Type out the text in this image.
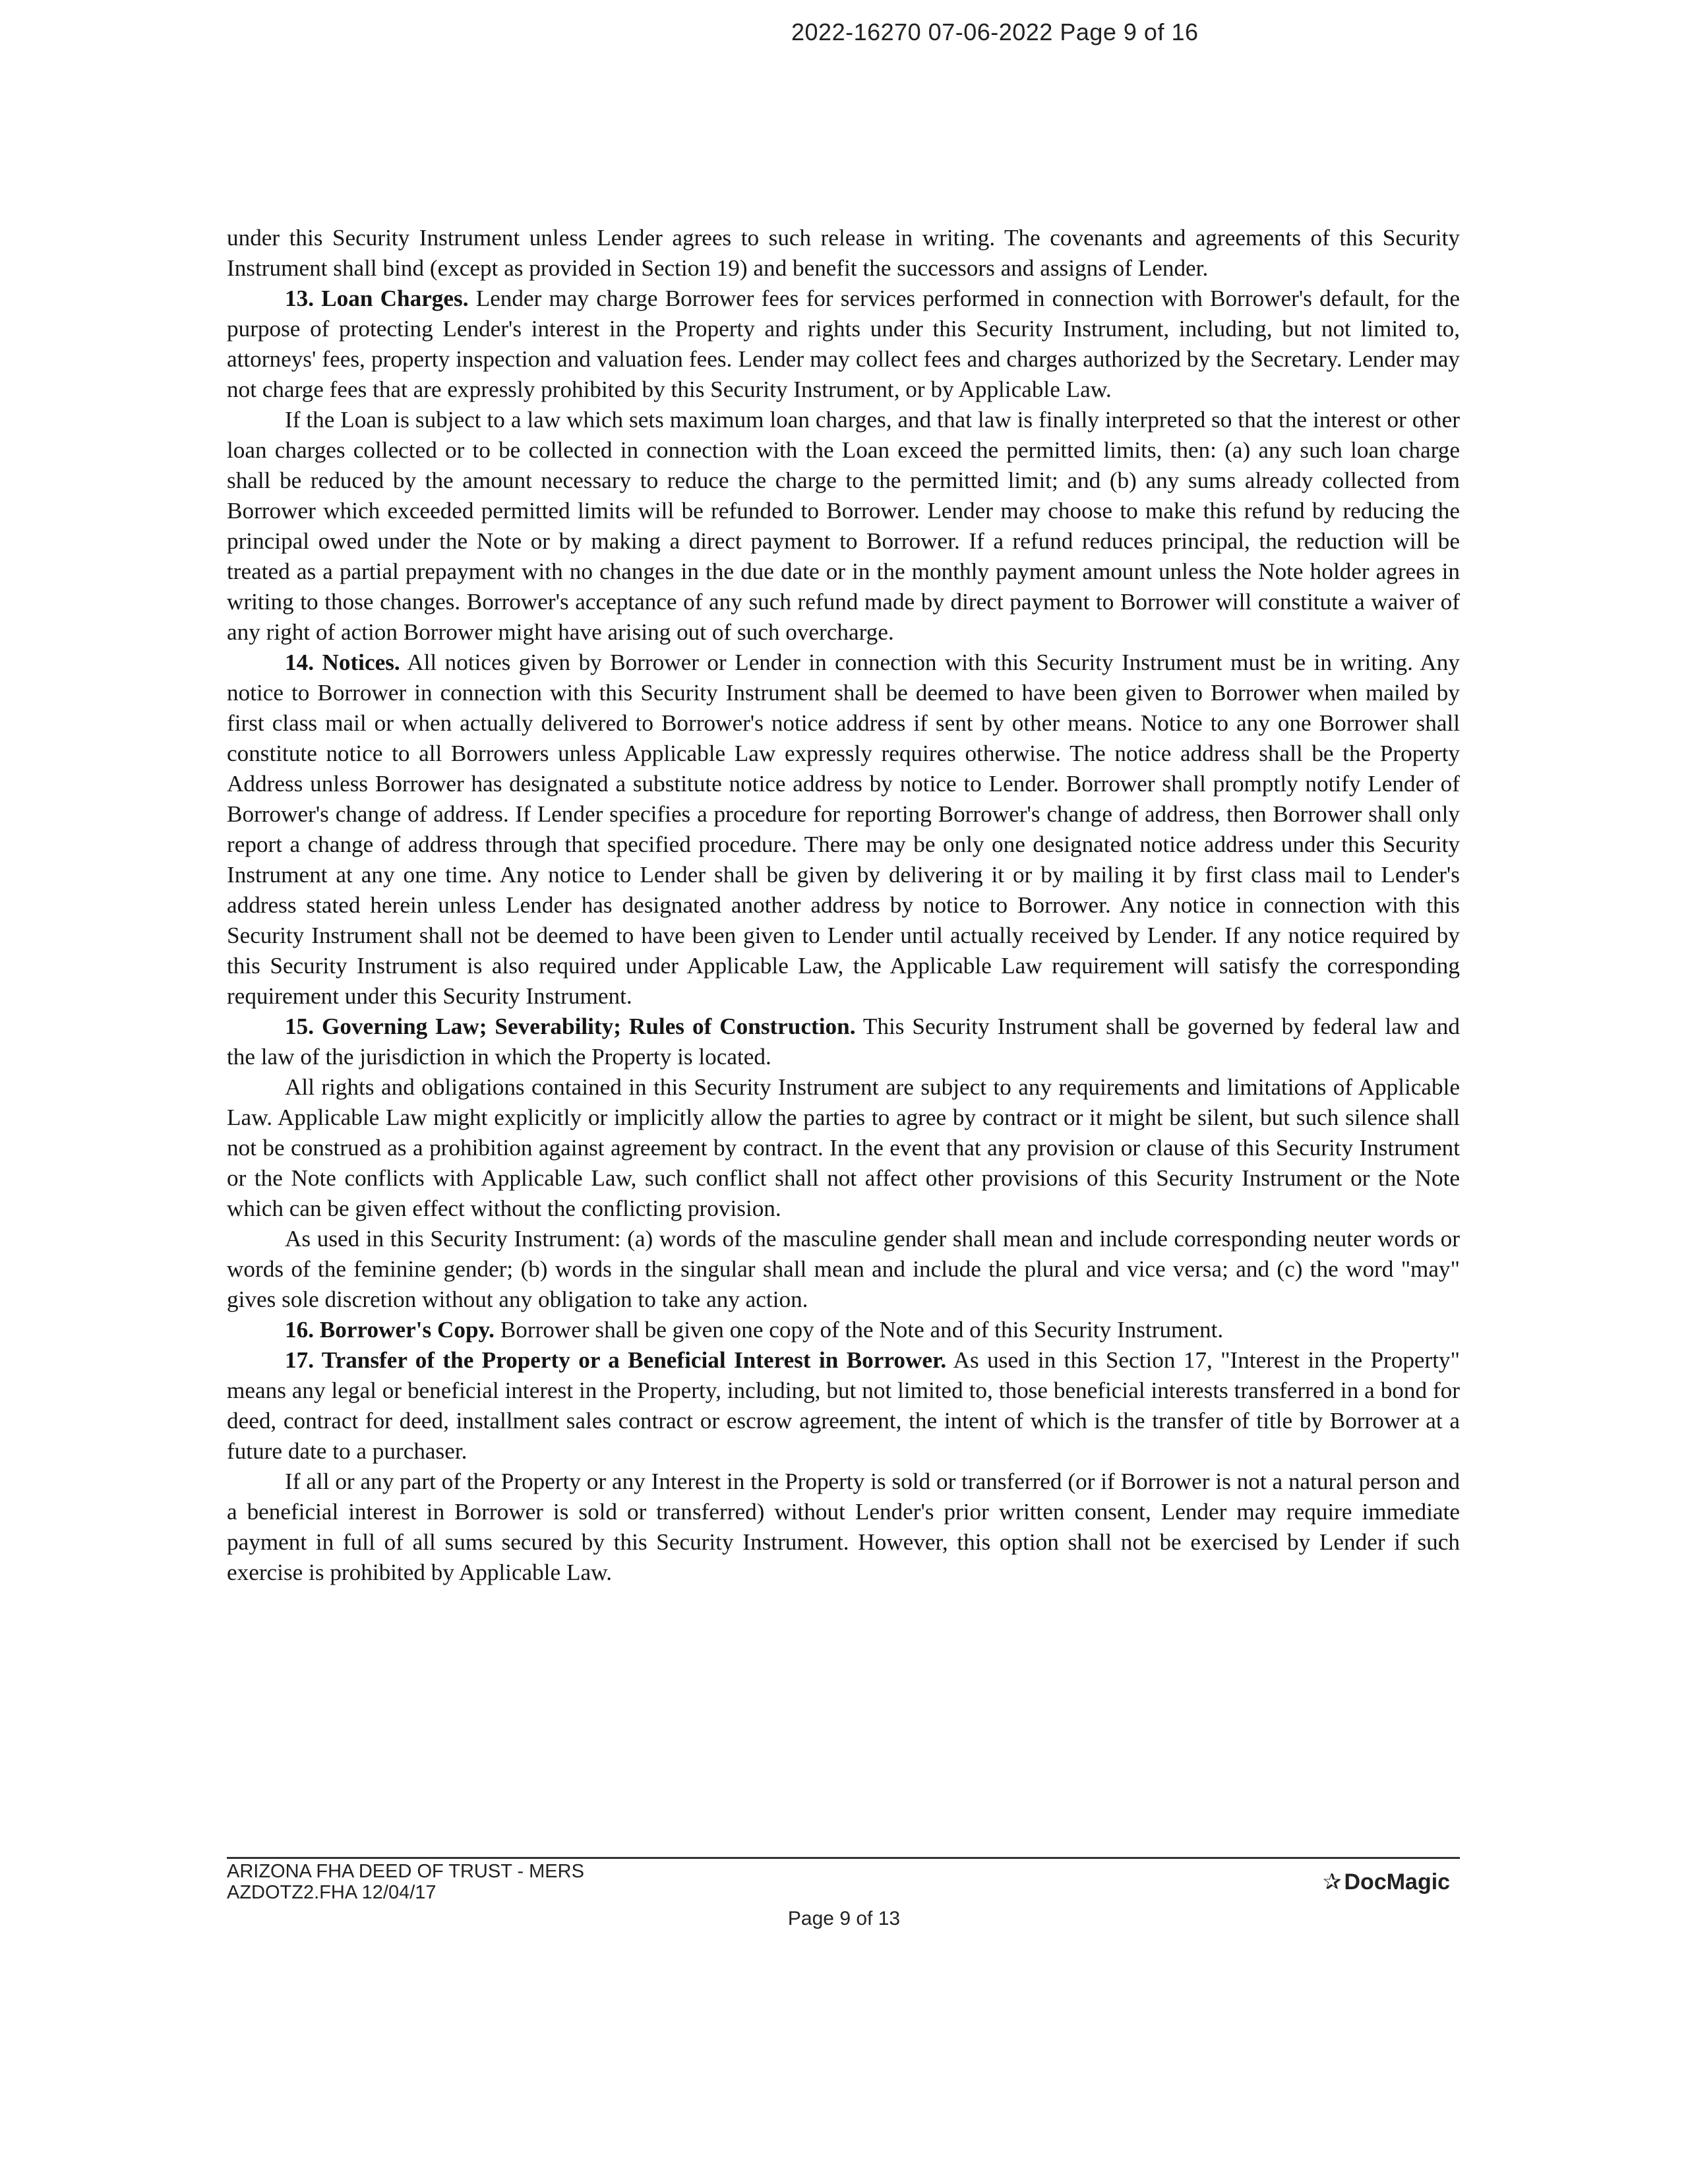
2022-16270 07-06-2022 Page 9 of 16

under this Security Instrument unless Lender agrees to such release in writing. The covenants and agreements of this Security Instrument shall bind (except as provided in Section 19) and benefit the successors and assigns of Lender.

13. Loan Charges. Lender may charge Borrower fees for services performed in connection with Borrower's default, for the purpose of protecting Lender's interest in the Property and rights under this Security Instrument, including, but not limited to, attorneys' fees, property inspection and valuation fees. Lender may collect fees and charges authorized by the Secretary. Lender may not charge fees that are expressly prohibited by this Security Instrument, or by Applicable Law.

If the Loan is subject to a law which sets maximum loan charges, and that law is finally interpreted so that the interest or other loan charges collected or to be collected in connection with the Loan exceed the permitted limits, then: (a) any such loan charge shall be reduced by the amount necessary to reduce the charge to the permitted limit; and (b) any sums already collected from Borrower which exceeded permitted limits will be refunded to Borrower. Lender may choose to make this refund by reducing the principal owed under the Note or by making a direct payment to Borrower. If a refund reduces principal, the reduction will be treated as a partial prepayment with no changes in the due date or in the monthly payment amount unless the Note holder agrees in writing to those changes. Borrower's acceptance of any such refund made by direct payment to Borrower will constitute a waiver of any right of action Borrower might have arising out of such overcharge.

14. Notices. All notices given by Borrower or Lender in connection with this Security Instrument must be in writing. Any notice to Borrower in connection with this Security Instrument shall be deemed to have been given to Borrower when mailed by first class mail or when actually delivered to Borrower's notice address if sent by other means. Notice to any one Borrower shall constitute notice to all Borrowers unless Applicable Law expressly requires otherwise. The notice address shall be the Property Address unless Borrower has designated a substitute notice address by notice to Lender. Borrower shall promptly notify Lender of Borrower's change of address. If Lender specifies a procedure for reporting Borrower's change of address, then Borrower shall only report a change of address through that specified procedure. There may be only one designated notice address under this Security Instrument at any one time. Any notice to Lender shall be given by delivering it or by mailing it by first class mail to Lender's address stated herein unless Lender has designated another address by notice to Borrower. Any notice in connection with this Security Instrument shall not be deemed to have been given to Lender until actually received by Lender. If any notice required by this Security Instrument is also required under Applicable Law, the Applicable Law requirement will satisfy the corresponding requirement under this Security Instrument.

15. Governing Law; Severability; Rules of Construction. This Security Instrument shall be governed by federal law and the law of the jurisdiction in which the Property is located.

All rights and obligations contained in this Security Instrument are subject to any requirements and limitations of Applicable Law. Applicable Law might explicitly or implicitly allow the parties to agree by contract or it might be silent, but such silence shall not be construed as a prohibition against agreement by contract. In the event that any provision or clause of this Security Instrument or the Note conflicts with Applicable Law, such conflict shall not affect other provisions of this Security Instrument or the Note which can be given effect without the conflicting provision.

As used in this Security Instrument: (a) words of the masculine gender shall mean and include corresponding neuter words or words of the feminine gender; (b) words in the singular shall mean and include the plural and vice versa; and (c) the word "may" gives sole discretion without any obligation to take any action.

16. Borrower's Copy. Borrower shall be given one copy of the Note and of this Security Instrument.

17. Transfer of the Property or a Beneficial Interest in Borrower. As used in this Section 17, "Interest in the Property" means any legal or beneficial interest in the Property, including, but not limited to, those beneficial interests transferred in a bond for deed, contract for deed, installment sales contract or escrow agreement, the intent of which is the transfer of title by Borrower at a future date to a purchaser.

If all or any part of the Property or any Interest in the Property is sold or transferred (or if Borrower is not a natural person and a beneficial interest in Borrower is sold or transferred) without Lender's prior written consent, Lender may require immediate payment in full of all sums secured by this Security Instrument. However, this option shall not be exercised by Lender if such exercise is prohibited by Applicable Law.

ARIZONA FHA DEED OF TRUST - MERS
AZDOTZ2.FHA 12/04/17	✰ DocMagic
Page 9 of 13
